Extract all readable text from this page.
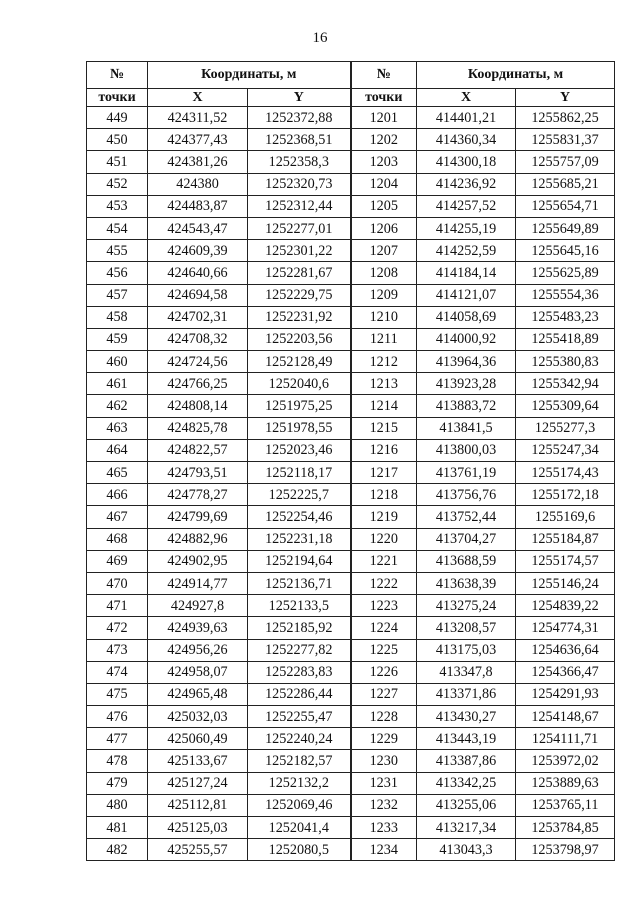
16
№	Координаты, м		№	Координаты, м	
точки	X	Y	точки	X	Y
449	424311,52	1252372,88	1201	414401,21	1255862,25
450	424377,43	1252368,51	1202	414360,34	1255831,37
451	424381,26	1252358,3	1203	414300,18	1255757,09
452	424380	1252320,73	1204	414236,92	1255685,21
453	424483,87	1252312,44	1205	414257,52	1255654,71
454	424543,47	1252277,01	1206	414255,19	1255649,89
455	424609,39	1252301,22	1207	414252,59	1255645,16
456	424640,66	1252281,67	1208	414184,14	1255625,89
457	424694,58	1252229,75	1209	414121,07	1255554,36
458	424702,31	1252231,92	1210	414058,69	1255483,23
459	424708,32	1252203,56	1211	414000,92	1255418,89
460	424724,56	1252128,49	1212	413964,36	1255380,83
461	424766,25	1252040,6	1213	413923,28	1255342,94
462	424808,14	1251975,25	1214	413883,72	1255309,64
463	424825,78	1251978,55	1215	413841,5	1255277,3
464	424822,57	1252023,46	1216	413800,03	1255247,34
465	424793,51	1252118,17	1217	413761,19	1255174,43
466	424778,27	1252225,7	1218	413756,76	1255172,18
467	424799,69	1252254,46	1219	413752,44	1255169,6
468	424882,96	1252231,18	1220	413704,27	1255184,87
469	424902,95	1252194,64	1221	413688,59	1255174,57
470	424914,77	1252136,71	1222	413638,39	1255146,24
471	424927,8	1252133,5	1223	413275,24	1254839,22
472	424939,63	1252185,92	1224	413208,57	1254774,31
473	424956,26	1252277,82	1225	413175,03	1254636,64
474	424958,07	1252283,83	1226	413347,8	1254366,47
475	424965,48	1252286,44	1227	413371,86	1254291,93
476	425032,03	1252255,47	1228	413430,27	1254148,67
477	425060,49	1252240,24	1229	413443,19	1254111,71
478	425133,67	1252182,57	1230	413387,86	1253972,02
479	425127,24	1252132,2	1231	413342,25	1253889,63
480	425112,81	1252069,46	1232	413255,06	1253765,11
481	425125,03	1252041,4	1233	413217,34	1253784,85
482	425255,57	1252080,5	1234	413043,3	1253798,97
